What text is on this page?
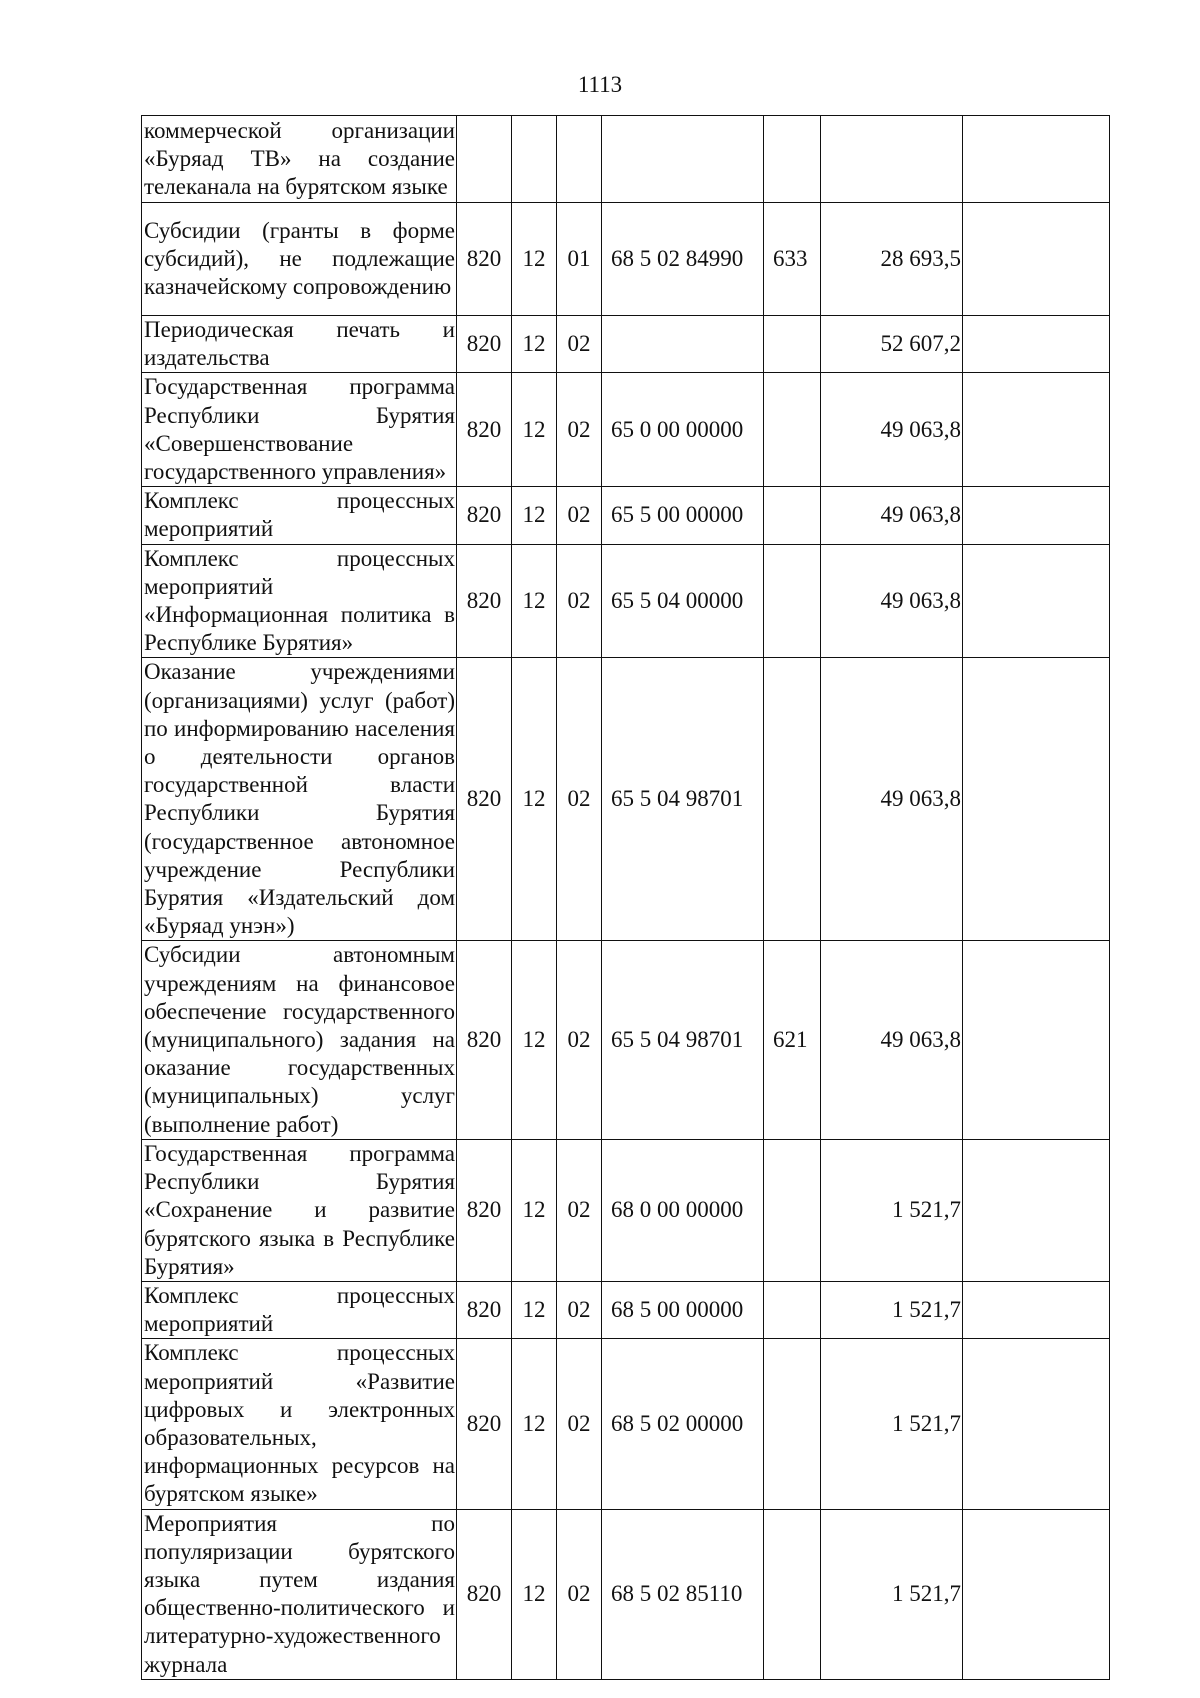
1113
коммерческой организации «Буряад ТВ» на создание телеканала на бурятском языке							
Субсидии (гранты в форме субсидий), не подлежащие казначейскому сопровождению	820	12	01	68 5 02 84990	633	28 693,5	
Периодическая печать и издательства	820	12	02			52 607,2	
Государственная программа Республики Бурятия «Совершенствование государственного управления»	820	12	02	65 0 00 00000		49 063,8	
Комплекс процессных мероприятий	820	12	02	65 5 00 00000		49 063,8	
Комплекс процессных мероприятий «Информационная политика в Республике Бурятия»	820	12	02	65 5 04 00000		49 063,8	
Оказание учреждениями (организациями) услуг (работ) по информированию населения о деятельности органов государственной власти Республики Бурятия (государственное автономное учреждение Республики Бурятия «Издательский дом «Буряад унэн»)	820	12	02	65 5 04 98701		49 063,8	
Субсидии автономным учреждениям на финансовое обеспечение государственного (муниципального) задания на оказание государственных (муниципальных) услуг (выполнение работ)	820	12	02	65 5 04 98701	621	49 063,8	
Государственная программа Республики Бурятия «Сохранение и развитие бурятского языка в Республике Бурятия»	820	12	02	68 0 00 00000		1 521,7	
Комплекс процессных мероприятий	820	12	02	68 5 00 00000		1 521,7	
Комплекс процессных мероприятий «Развитие цифровых и электронных образовательных, информационных ресурсов на бурятском языке»	820	12	02	68 5 02 00000		1 521,7	
Мероприятия по популяризации бурятского языка путем издания общественно-политического и литературно-художественного журнала	820	12	02	68 5 02 85110		1 521,7	
